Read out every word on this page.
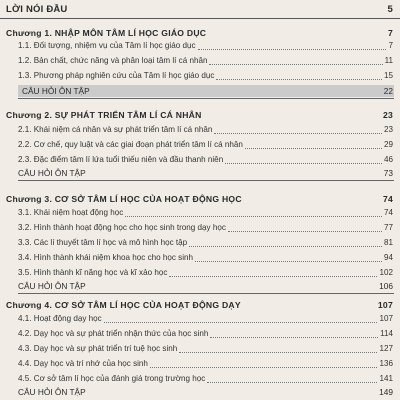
LỜI NÓI ĐẦU	5
Chương 1. NHẬP MÔN TÂM LÍ HỌC GIÁO DỤC	7
1.1. Đối tượng, nhiệm vụ của Tâm lí học giáo dục	7
1.2. Bản chất, chức năng và phân loại tâm lí cá nhân	11
1.3. Phương pháp nghiên cứu của Tâm lí học giáo dục	15
CÂU HỎI ÔN TẬP	22
Chương 2. SỰ PHÁT TRIỂN TÂM LÍ CÁ NHÂN	23
2.1. Khái niệm cá nhân và sự phát triển tâm lí cá nhân	23
2.2. Cơ chế, quy luật và các giai đoạn phát triển tâm lí cá nhân	29
2.3. Đặc điểm tâm lí lứa tuổi thiếu niên và đầu thanh niên	46
CÂU HỎI ÔN TẬP	73
Chương 3. CƠ SỞ TÂM LÍ HỌC CỦA HOẠT ĐỘNG HỌC	74
3.1. Khái niệm hoạt động học	74
3.2. Hình thành hoạt động học cho học sinh trong dạy học	77
3.3. Các lí thuyết tâm lí học và mô hình học tập	81
3.4. Hình thành khái niệm khoa học cho học sinh	94
3.5. Hình thành kĩ năng học và kĩ xảo học	102
CÂU HỎI ÔN TẬP	106
Chương 4. CƠ SỞ TÂM LÍ HỌC CỦA HOẠT ĐỘNG DẠY	107
4.1. Hoạt động dạy học	107
4.2. Dạy học và sự phát triển nhận thức của học sinh	114
4.3. Dạy học và sự phát triển trí tuệ học sinh	127
4.4. Dạy học và trí nhớ của học sinh	136
4.5. Cơ sở tâm lí học của đánh giá trong trường học	141
CÂU HỎI ÔN TẬP	149
